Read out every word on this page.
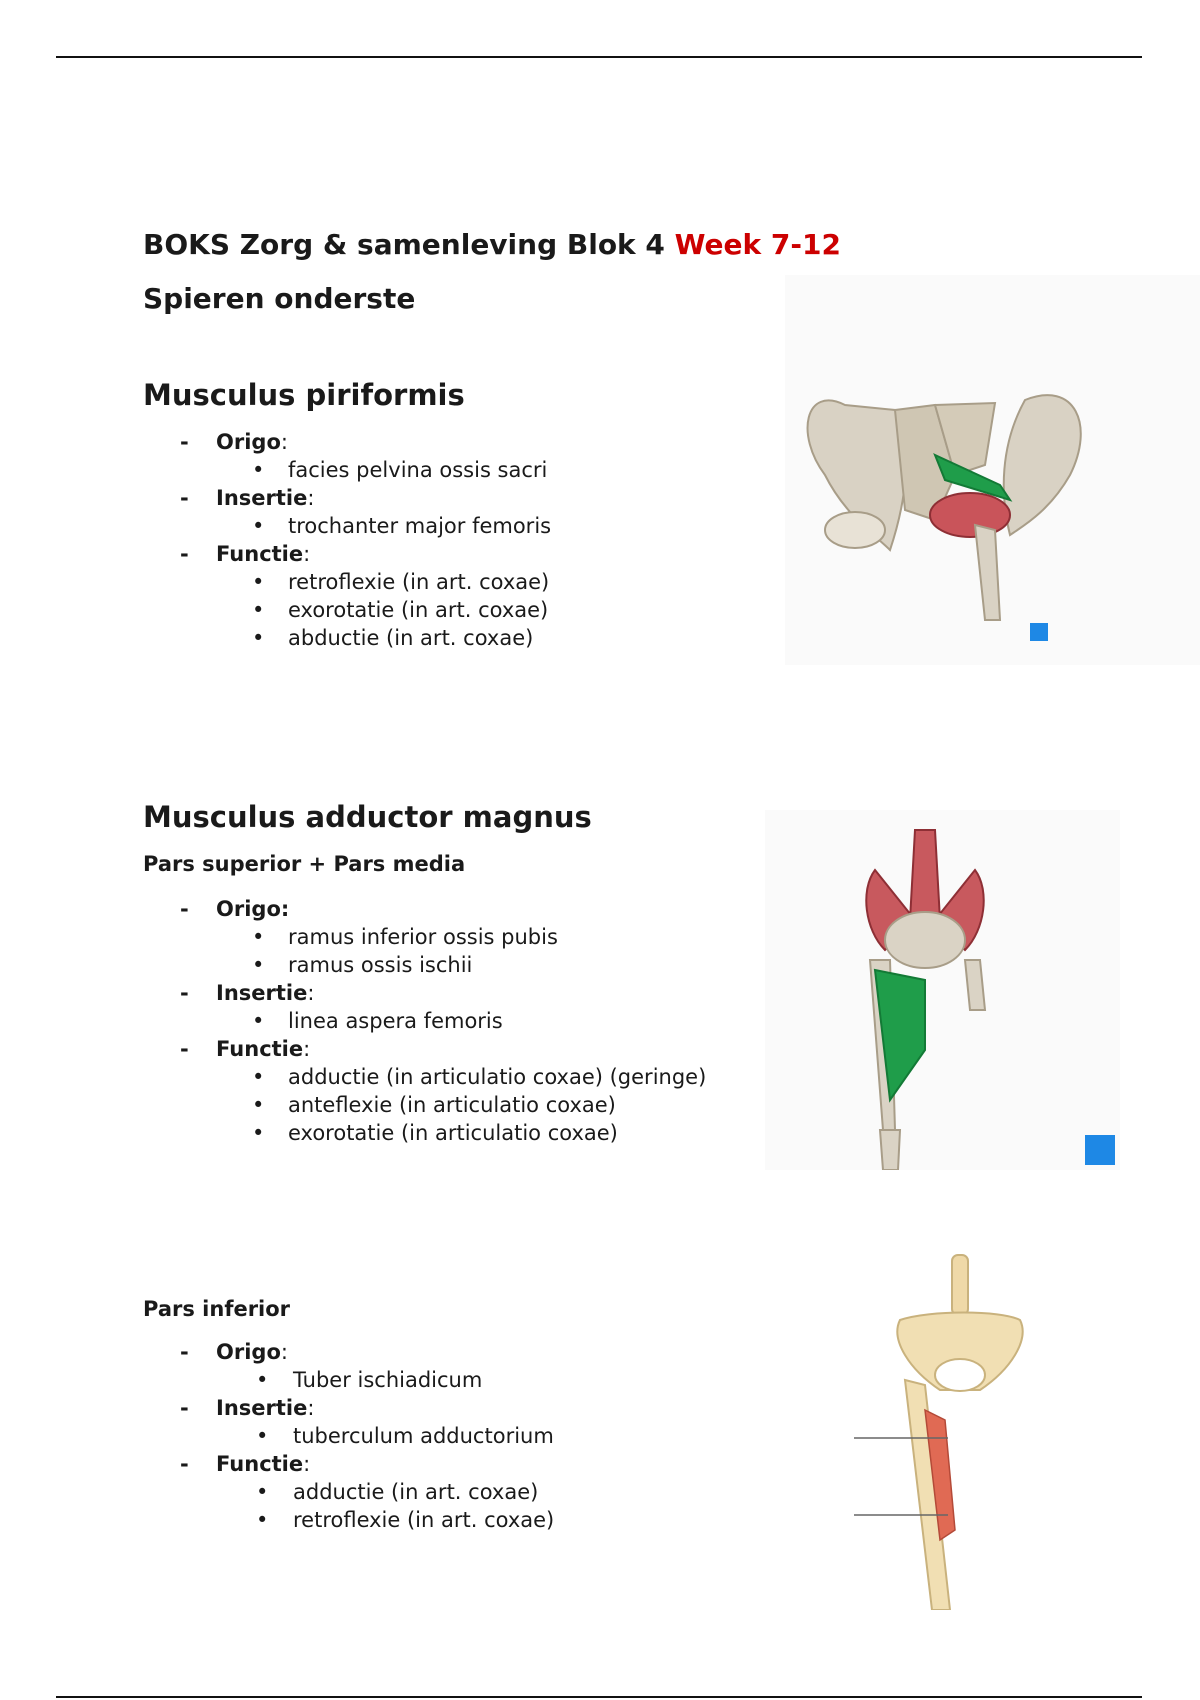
BOKS Zorg & samenleving Blok 4 Week 7-12
Spieren onderste
Musculus piriformis
- Origo:
• facies pelvina ossis sacri
- Insertie:
• trochanter major femoris
- Functie:
• retroflexie (in art. coxae)
• exorotatie (in art. coxae)
• abductie (in art. coxae)
Musculus adductor magnus
Pars superior + Pars media
- Origo:
• ramus inferior ossis pubis
• ramus ossis ischii
- Insertie:
• linea aspera femoris
- Functie:
• adductie (in articulatio coxae) (geringe)
• anteflexie (in articulatio coxae)
• exorotatie (in articulatio coxae)
Pars inferior
- Origo:
• Tuber ischiadicum
- Insertie:
• tuberculum adductorium
- Functie:
• adductie (in art. coxae)
• retroflexie (in art. coxae)
